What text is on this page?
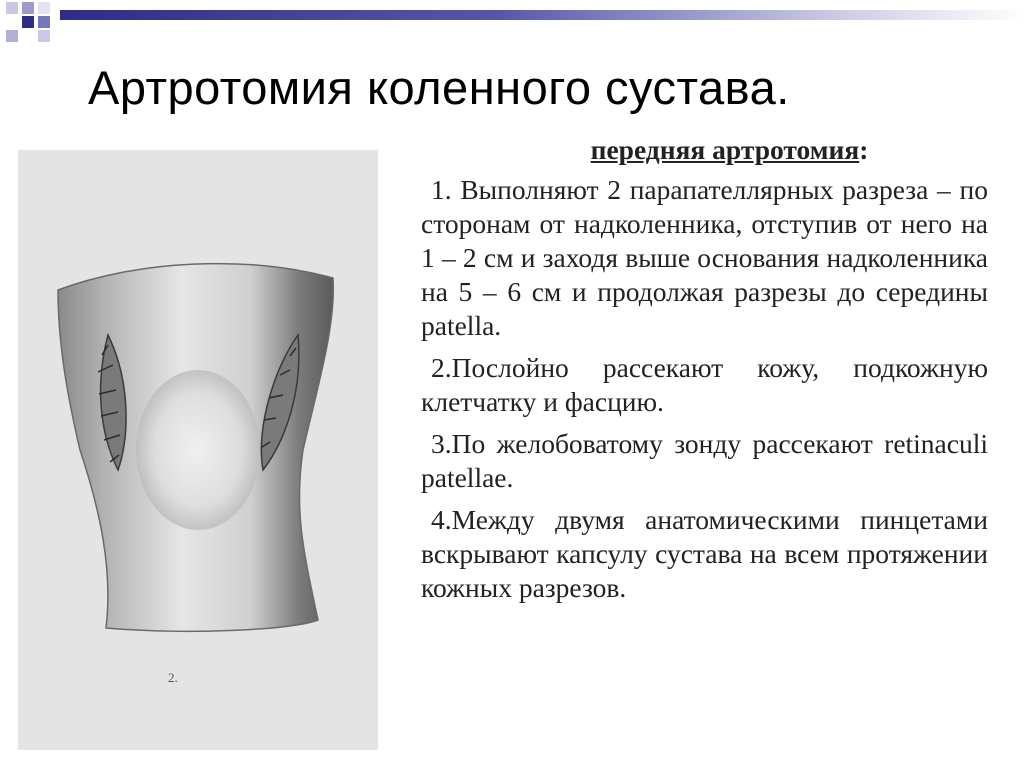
Артротомия коленного сустава.
2.
передняя артротомия:

1. Выполняют 2 парапателлярных разреза – по сторонам от надколенника, отступив от него на 1 – 2 см и заходя выше основания надколенника на 5 – 6 см и продолжая разрезы до середины patella.

2.Послойно рассекают кожу, подкожную клетчатку и фасцию.

3.По желобоватому зонду рассекают retinaculi patellae.

4.Между двумя анатомическими пинцетами вскрывают капсулу сустава на всем протяжении кожных разрезов.
